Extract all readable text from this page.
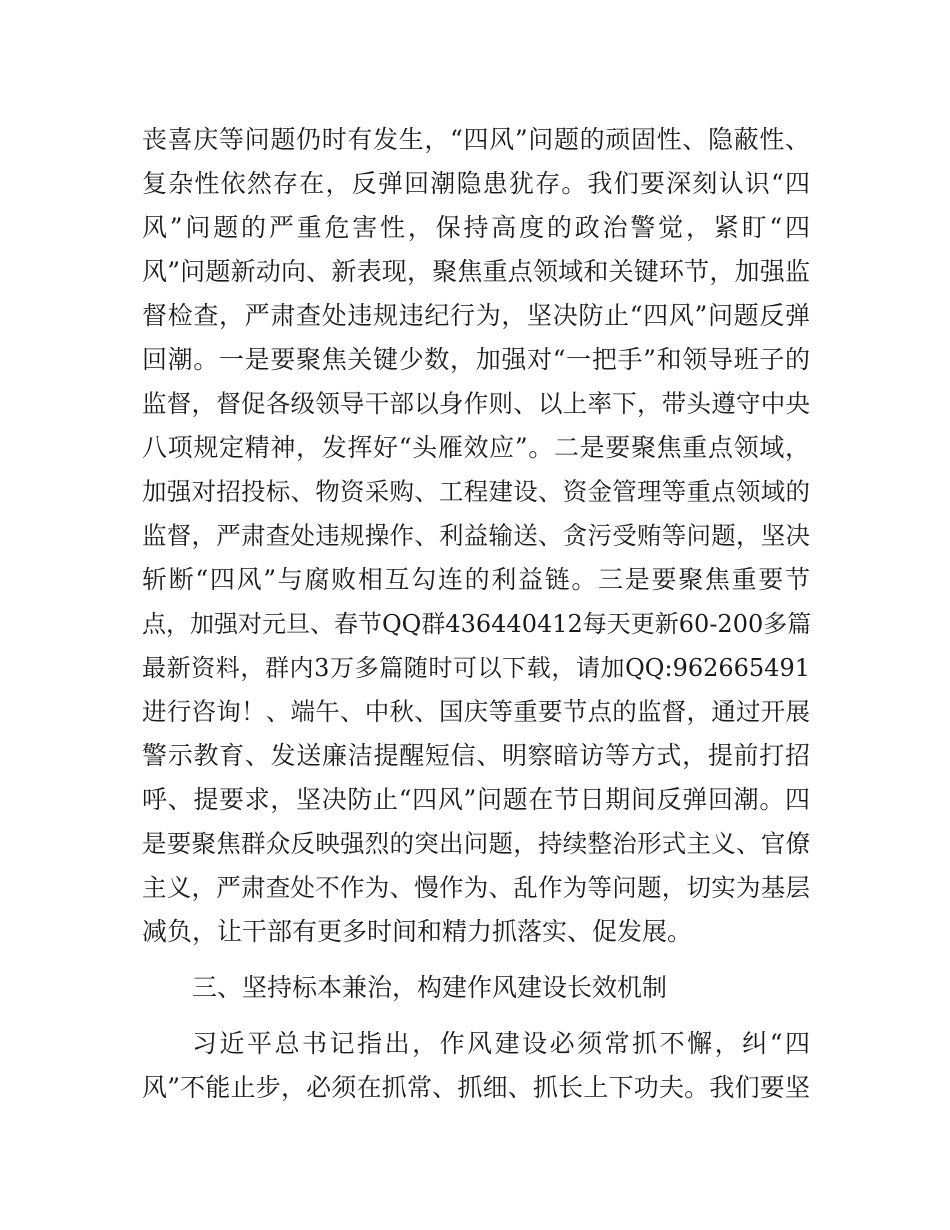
丧喜庆等问题仍时有发生，“四风”问题的顽固性、隐蔽性、
复杂性依然存在，反弹回潮隐患犹存。我们要深刻认识“四
风”问题的严重危害性，保持高度的政治警觉，紧盯“四
风”问题新动向、新表现，聚焦重点领域和关键环节，加强监
督检查，严肃查处违规违纪行为，坚决防止“四风”问题反弹
回潮。一是要聚焦关键少数，加强对“一把手”和领导班子的
监督，督促各级领导干部以身作则、以上率下，带头遵守中央
八项规定精神，发挥好“头雁效应”。二是要聚焦重点领域，
加强对招投标、物资采购、工程建设、资金管理等重点领域的
监督，严肃查处违规操作、利益输送、贪污受贿等问题，坚决
斩断“四风”与腐败相互勾连的利益链。三是要聚焦重要节
点，加强对元旦、春节QQ群436440412每天更新60-200多篇
最新资料，群内3万多篇随时可以下载，请加QQ:962665491
进行咨询！、端午、中秋、国庆等重要节点的监督，通过开展
警示教育、发送廉洁提醒短信、明察暗访等方式，提前打招
呼、提要求，坚决防止“四风”问题在节日期间反弹回潮。四
是要聚焦群众反映强烈的突出问题，持续整治形式主义、官僚
主义，严肃查处不作为、慢作为、乱作为等问题，切实为基层
减负，让干部有更多时间和精力抓落实、促发展。
三、坚持标本兼治，构建作风建设长效机制
习近平总书记指出，作风建设必须常抓不懈，纠“四
风”不能止步，必须在抓常、抓细、抓长上下功夫。我们要坚
